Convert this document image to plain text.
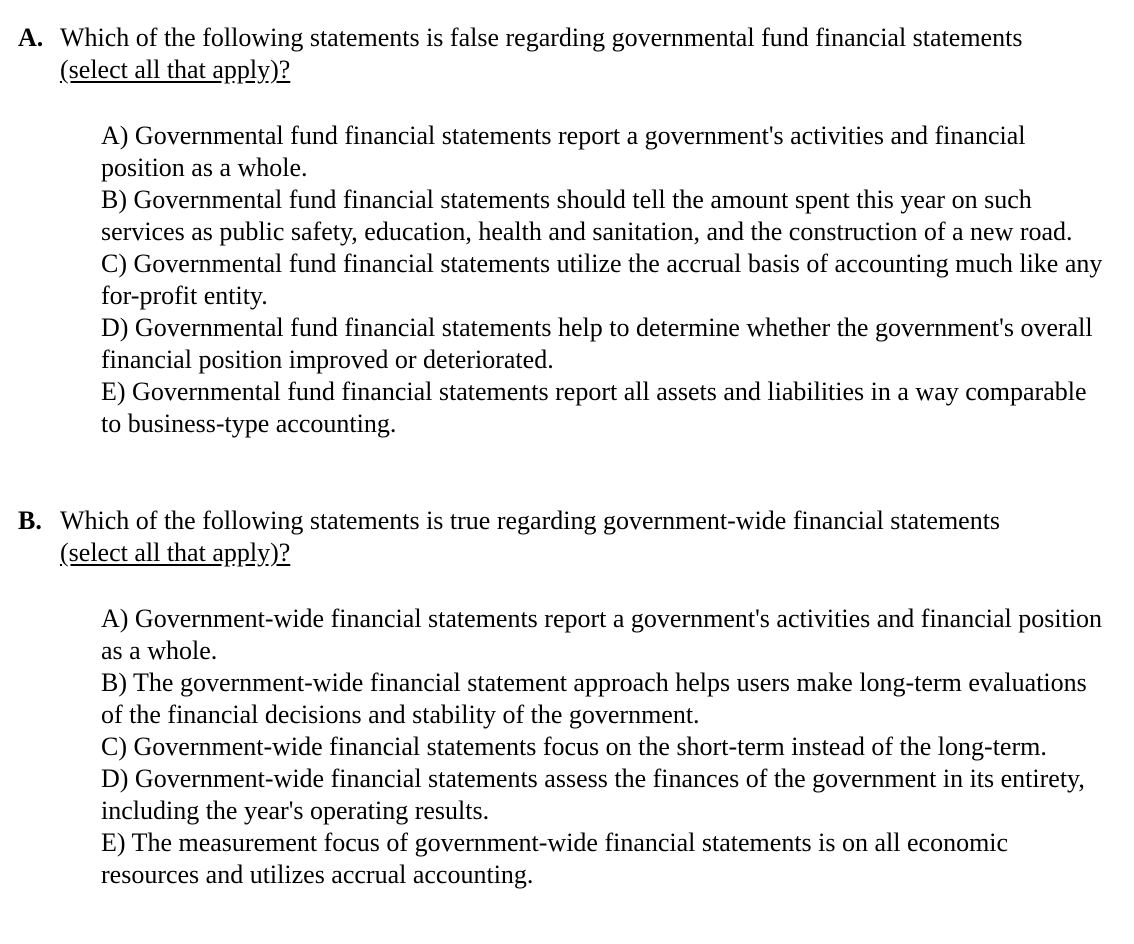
A. Which of the following statements is false regarding governmental fund financial statements
(select all that apply)?

A) Governmental fund financial statements report a government's activities and financial position as a whole.

B) Governmental fund financial statements should tell the amount spent this year on such services as public safety, education, health and sanitation, and the construction of a new road.

C) Governmental fund financial statements utilize the accrual basis of accounting much like any for-profit entity.

D) Governmental fund financial statements help to determine whether the government's overall financial position improved or deteriorated.

E) Governmental fund financial statements report all assets and liabilities in a way comparable to business-type accounting.

B. Which of the following statements is true regarding government-wide financial statements
(select all that apply)?

A) Government-wide financial statements report a government's activities and financial position as a whole.

B) The government-wide financial statement approach helps users make long-term evaluations of the financial decisions and stability of the government.

C) Government-wide financial statements focus on the short-term instead of the long-term.

D) Government-wide financial statements assess the finances of the government in its entirety, including the year's operating results.

E) The measurement focus of government-wide financial statements is on all economic resources and utilizes accrual accounting.
